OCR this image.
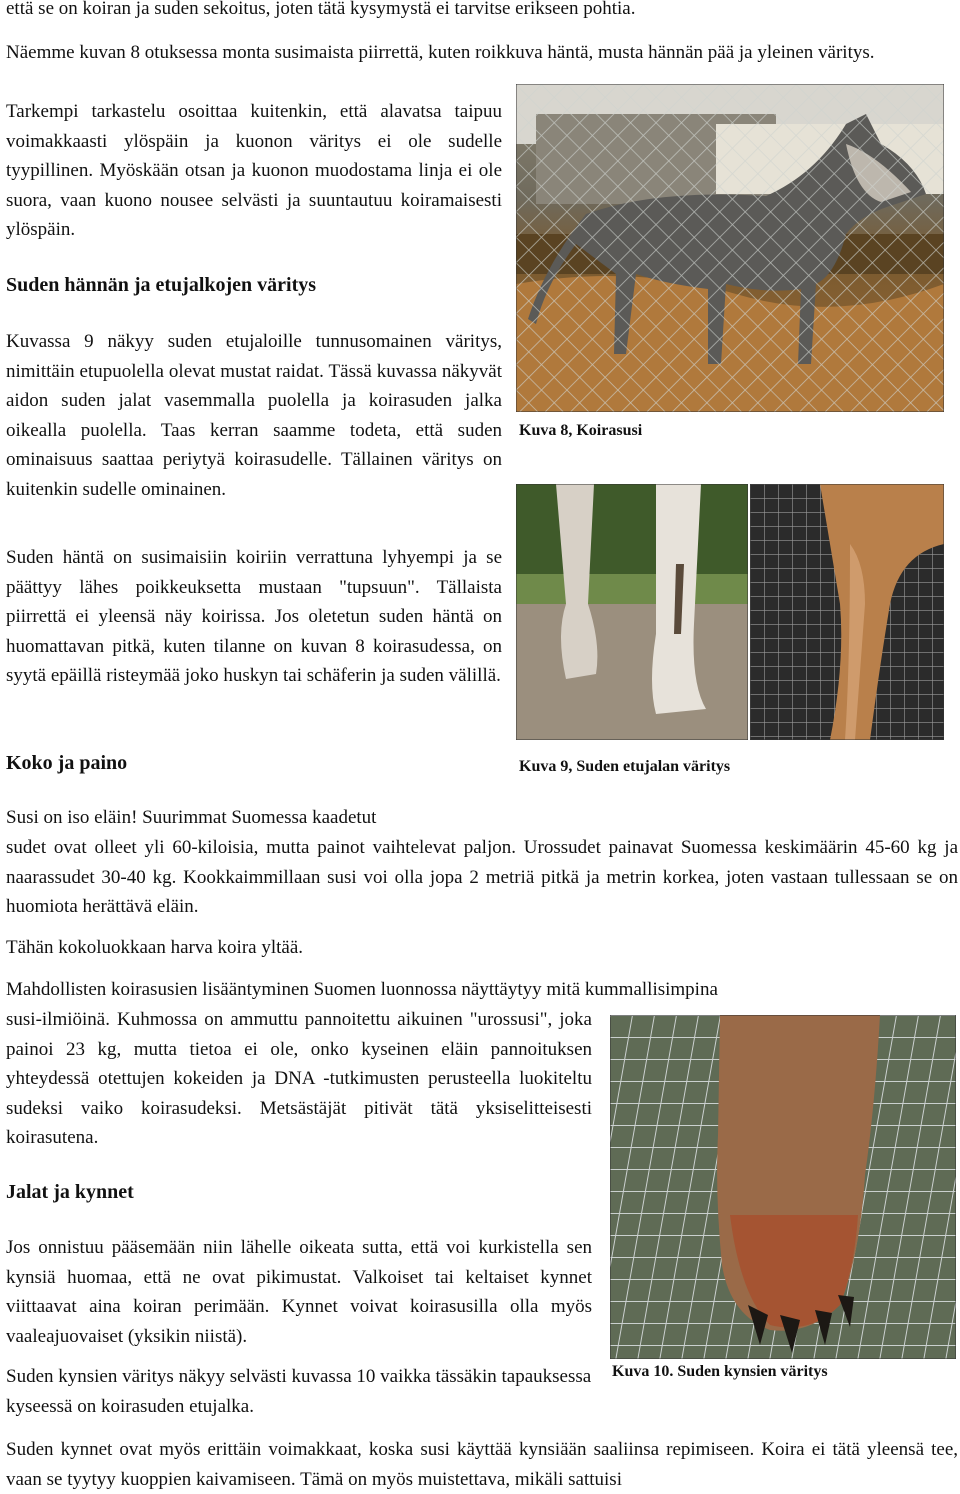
että se on koiran ja suden sekoitus, joten tätä kysymystä ei tarvitse erikseen pohtia.

Näemme kuvan 8 otuksessa monta susimaista piirrettä, kuten roikkuva häntä, musta hännän pää ja yleinen väritys.

Tarkempi tarkastelu osoittaa kuitenkin, että alavatsa taipuu voimakkaasti ylöspäin ja kuonon väritys ei ole sudelle tyypillinen. Myöskään otsan ja kuonon muodostama linja ei ole suora, vaan kuono nousee selvästi ja suuntautuu koiramaisesti ylöspäin.

Suden hännän ja etujalkojen väritys

Kuvassa 9 näkyy suden etujaloille tunnusomainen väritys, nimittäin etupuolella olevat mustat raidat. Tässä kuvassa näkyvät aidon suden jalat vasemmalla puolella ja koirasuden jalka oikealla puolella. Taas kerran saamme todeta, että suden ominaisuus saattaa periytyä koirasudelle. Tällainen väritys on kuitenkin sudelle ominainen.

Kuva 8, Koirasusi

Suden häntä on susimaisiin koiriin verrattuna lyhyempi ja se päättyy lähes poikkeuksetta mustaan "tupsuun". Tällaista piirrettä ei yleensä näy koirissa. Jos oletetun suden häntä on huomattavan pitkä, kuten tilanne on kuvan 8 koirasudessa, on syytä epäillä risteymää joko huskyn tai schäferin ja suden välillä.

Koko ja paino	Kuva 9, Suden etujalan väritys

Susi on iso eläin! Suurimmat Suomessa kaadetut

sudet ovat olleet yli 60-kiloisia, mutta painot vaihtelevat paljon. Urossudet painavat Suomessa keskimäärin 45-60 kg ja naarassudet 30-40 kg. Kookkaimmillaan susi voi olla jopa 2 metriä pitkä ja metrin korkea, joten vastaan tullessaan se on huomiota herättävä eläin.

Tähän kokoluokkaan harva koira yltää.

Mahdollisten koirasusien lisääntyminen Suomen luonnossa näyttäytyy mitä kummallisimpina

susi-ilmiöinä. Kuhmossa on ammuttu pannoitettu aikuinen "urossusi", joka painoi 23 kg, mutta tietoa ei ole, onko kyseinen eläin pannoituksen yhteydessä otettujen kokeiden ja DNA -tutkimusten perusteella luokiteltu sudeksi vaiko koirasudeksi. Metsästäjät pitivät tätä yksiselitteisesti koirasutena.

Jalat ja kynnet

Jos onnistuu pääsemään niin lähelle oikeata sutta, että voi kurkistella sen kynsiä huomaa, että ne ovat pikimustat. Valkoiset tai keltaiset kynnet viittaavat aina koiran perimään. Kynnet voivat koirasusilla olla myös vaaleajuovaiset (yksikin niistä).

Kuva 10. Suden kynsien väritys

Suden kynsien väritys näkyy selvästi kuvassa 10 vaikka tässäkin tapauksessa kyseessä on koirasuden etujalka.

Suden kynnet ovat myös erittäin voimakkaat, koska susi käyttää kynsiään saaliinsa repimiseen. Koira ei tätä yleensä tee, vaan se tyytyy kuoppien kaivamiseen. Tämä on myös muistettava, mikäli sattuisi
